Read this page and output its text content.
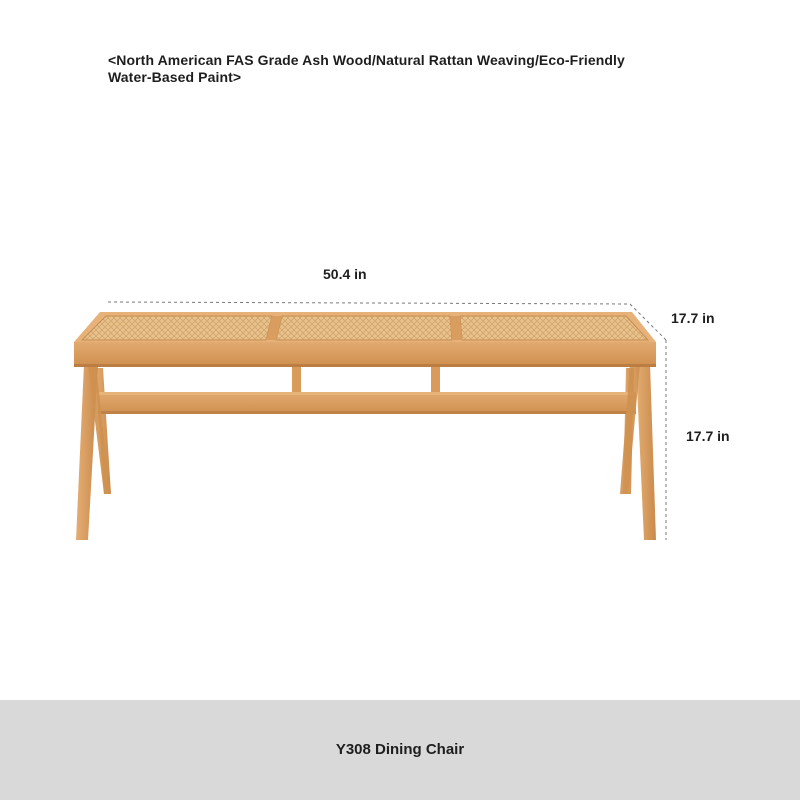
<North American FAS Grade Ash Wood/Natural Rattan Weaving/Eco-Friendly Water-Based Paint>
50.4 in
17.7 in
17.7 in
Y308 Dining Chair
